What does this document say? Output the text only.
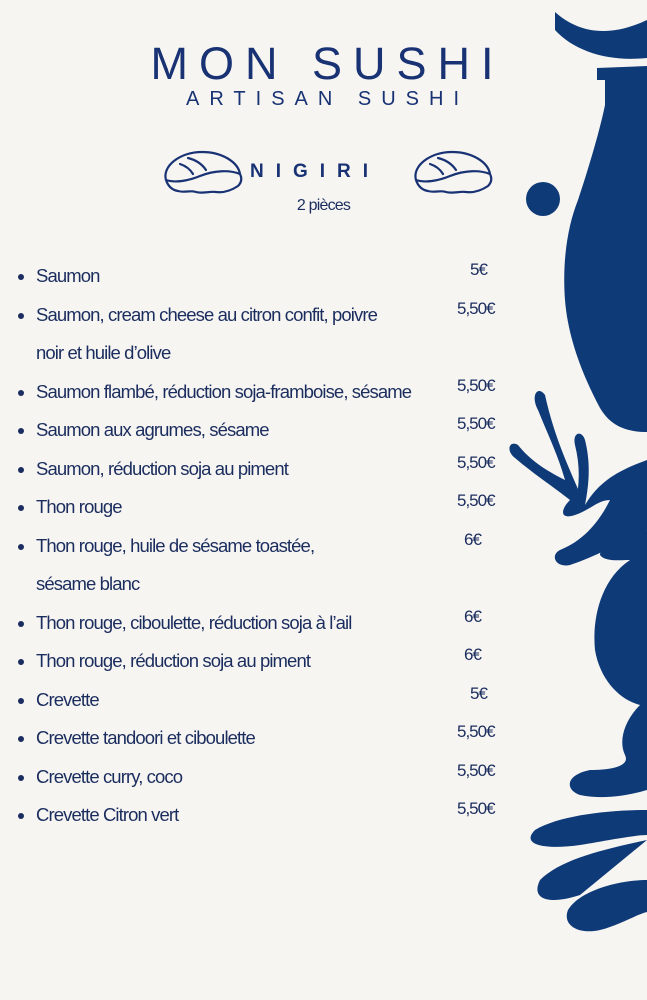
MON SUSHI
ARTISAN SUSHI
NIGIRI
2 pièces
Saumon	5€
Saumon, cream cheese au citron confit, poivre noir et huile d’olive
5,50€
Saumon flambé, réduction soja-framboise, sésame	5,50€
Saumon aux agrumes, sésame	5,50€
Saumon, réduction soja au piment	5,50€
Thon rouge	5,50€
Thon rouge, huile de sésame toastée, sésame blanc
6€
Thon rouge, ciboulette, réduction soja à l’ail	6€
Thon rouge, réduction soja au piment	6€
Crevette	5€
Crevette tandoori et ciboulette	5,50€
Crevette curry, coco	5,50€
Crevette Citron vert	5,50€
